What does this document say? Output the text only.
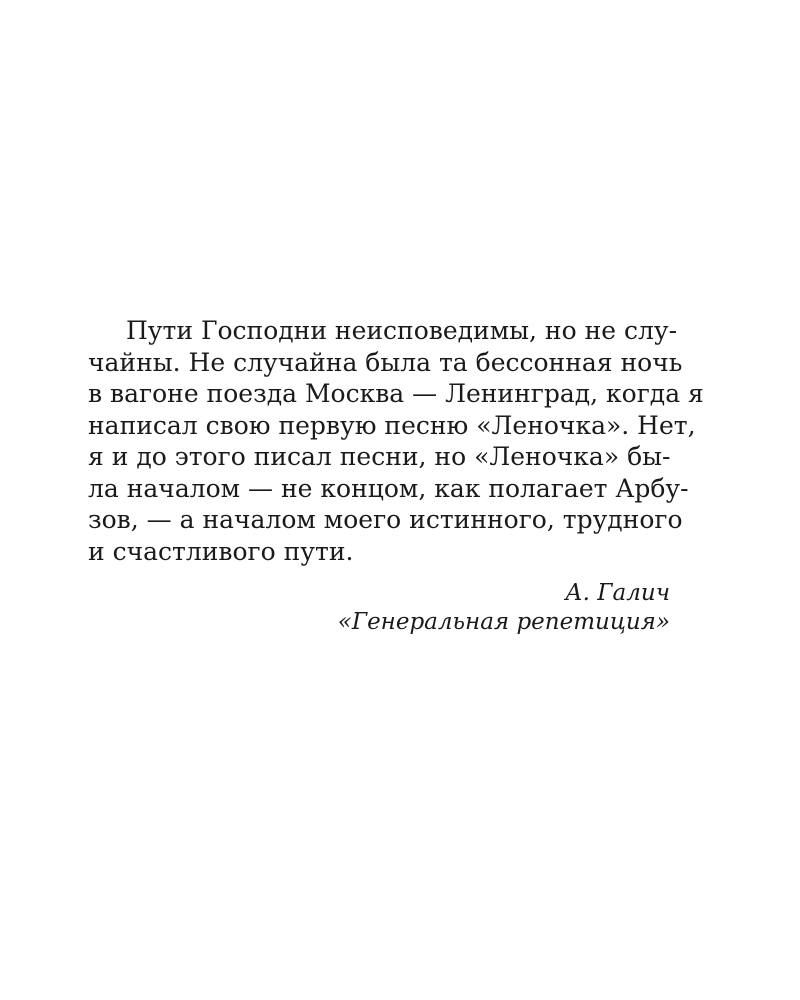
Пути Господни неисповедимы, но не слу-
чайны. Не случайна была та бессонная ночь
в вагоне поезда Москва — Ленинград, когда я
написал свою первую песню «Леночка». Нет,
я и до этого писал песни, но «Леночка» бы-
ла началом — не концом, как полагает Арбу-
зов, — а началом моего истинного, трудного
и счастливого пути.
А. Галич
«Генеральная репетиция»
